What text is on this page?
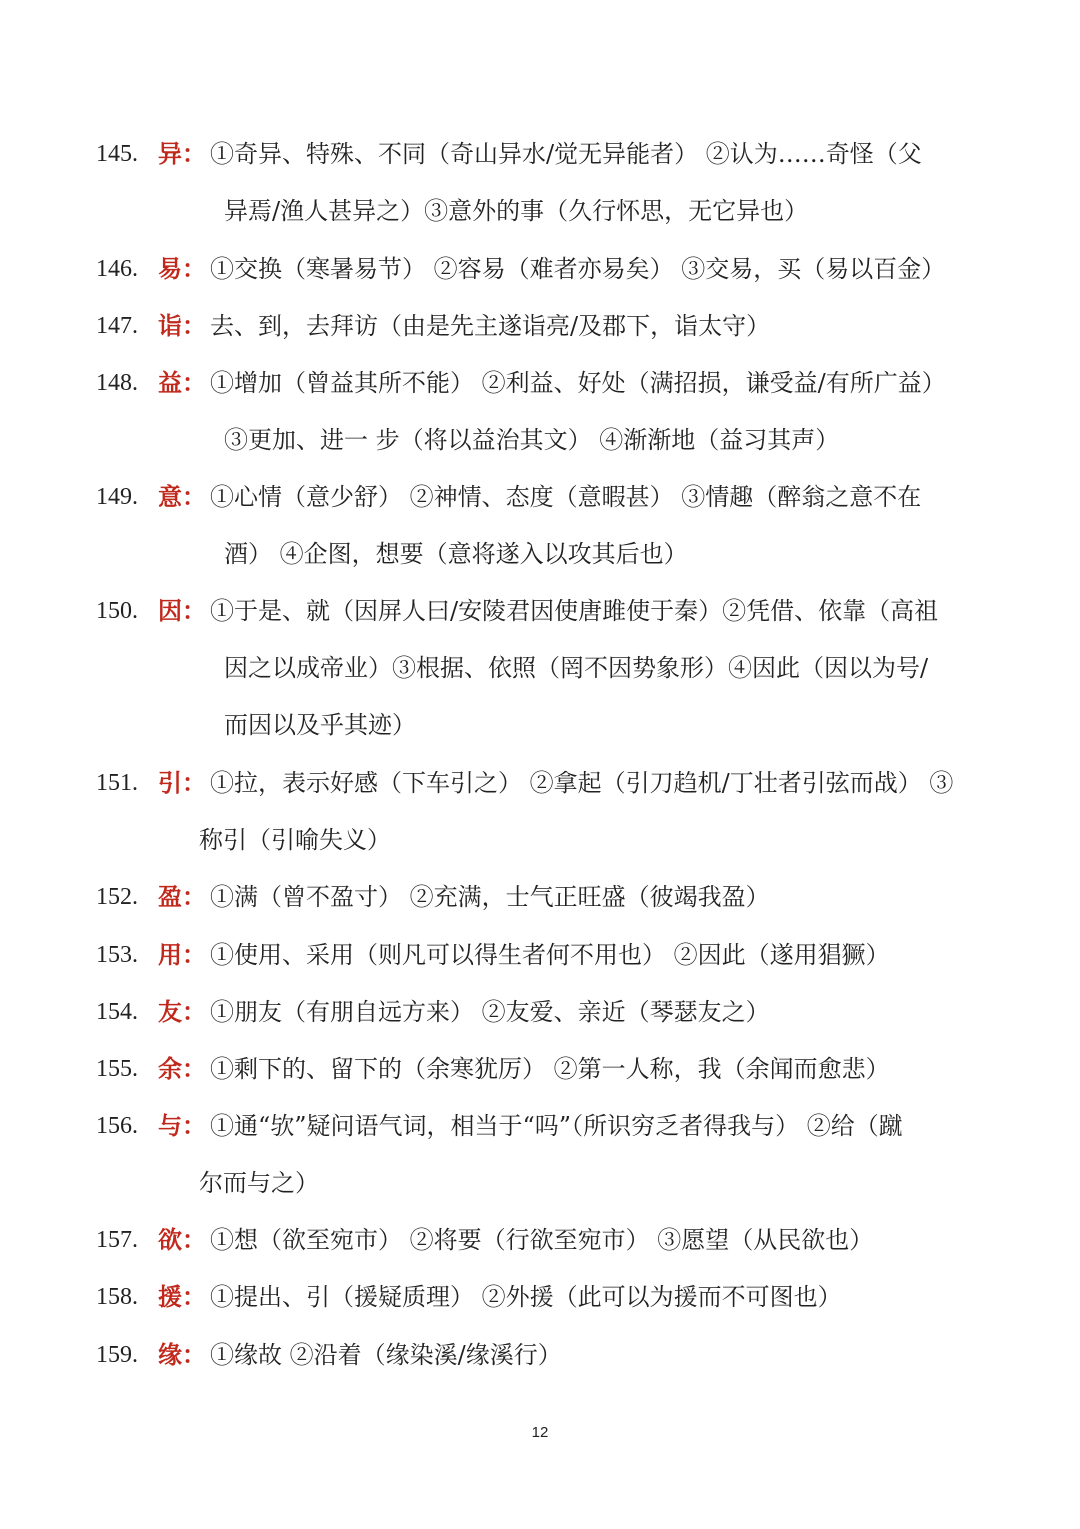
145. 异： ①奇异、特殊、不同（奇山异水/觉无异能者） ②认为……奇怪（父
异焉/渔人甚异之）③意外的事（久行怀思，无它异也）
146. 易： ①交换（寒暑易节） ②容易（难者亦易矣） ③交易，买（易以百金）
147. 诣： 去、到，去拜访（由是先主遂诣亮/及郡下，诣太守）
148. 益： ①增加（曾益其所不能） ②利益、好处（满招损，谦受益/有所广益）
③更加、进一 步（将以益治其文） ④渐渐地（益习其声）
149. 意： ①心情（意少舒） ②神情、态度（意暇甚） ③情趣（醉翁之意不在
酒） ④企图，想要（意将遂入以攻其后也）
150. 因： ①于是、就（因屏人曰/安陵君因使唐雎使于秦）②凭借、依靠（高祖
因之以成帝业）③根据、依照（罔不因势象形）④因此（因以为号/
而因以及乎其迹）
151. 引： ①拉，表示好感（下车引之） ②拿起（引刀趋机/丁壮者引弦而战） ③
称引（引喻失义）
152. 盈： ①满（曾不盈寸） ②充满，士气正旺盛（彼竭我盈）
153. 用： ①使用、采用（则凡可以得生者何不用也） ②因此（遂用猖獗）
154. 友： ①朋友（有朋自远方来） ②友爱、亲近（琴瑟友之）
155. 余： ①剩下的、留下的（余寒犹厉） ②第一人称，我（余闻而愈悲）
156. 与： ①通“欤”疑问语气词，相当于“吗”（所识穷乏者得我与） ②给（蹴
尔而与之）
157. 欲： ①想（欲至宛市） ②将要（行欲至宛市） ③愿望（从民欲也）
158. 援： ①提出、引（援疑质理） ②外援（此可以为援而不可图也）
159. 缘： ①缘故 ②沿着（缘染溪/缘溪行）
12
